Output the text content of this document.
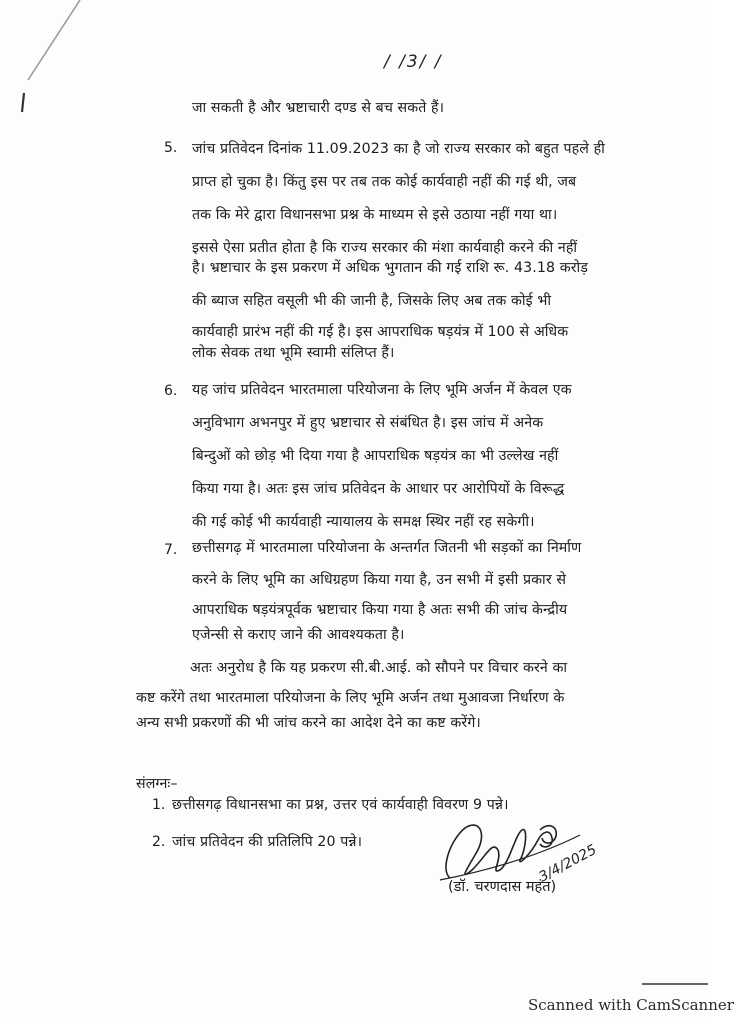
/ /3/ /
जा सकती है और भ्रष्टाचारी दण्ड से बच सकते हैं।
5. जांच प्रतिवेदन दिनांक 11.09.2023 का है जो राज्य सरकार को बहुत पहले ही
प्राप्त हो चुका है। किंतु इस पर तब तक कोई कार्यवाही नहीं की गई थी, जब
तक कि मेरे द्वारा विधानसभा प्रश्न के माध्यम से इसे उठाया नहीं गया था।
इससे ऐसा प्रतीत होता है कि राज्य सरकार की मंशा कार्यवाही करने की नहीं
है। भ्रष्टाचार के इस प्रकरण में अधिक भुगतान की गई राशि रू. 43.18 करोड़
की ब्याज सहित वसूली भी की जानी है, जिसके लिए अब तक कोई भी
कार्यवाही प्रारंभ नहीं की गई है। इस आपराधिक षड़यंत्र में 100 से अधिक
लोक सेवक तथा भूमि स्वामी संलिप्त हैं।
6. यह जांच प्रतिवेदन भारतमाला परियोजना के लिए भूमि अर्जन में केवल एक
अनुविभाग अभनपुर में हुए भ्रष्टाचार से संबंधित है। इस जांच में अनेक
बिन्दुओं को छोड़ भी दिया गया है आपराधिक षड़यंत्र का भी उल्लेख नहीं
किया गया है। अतः इस जांच प्रतिवेदन के आधार पर आरोपियों के विरूद्ध
की गई कोई भी कार्यवाही न्यायालय के समक्ष स्थिर नहीं रह सकेगी।
7. छत्तीसगढ़ में भारतमाला परियोजना के अन्तर्गत जितनी भी सड़कों का निर्माण
करने के लिए भूमि का अधिग्रहण किया गया है, उन सभी में इसी प्रकार से
आपराधिक षड़यंत्रपूर्वक भ्रष्टाचार किया गया है अतः सभी की जांच केन्द्रीय
एजेन्सी से कराए जाने की आवश्यकता है।
अतः अनुरोध है कि यह प्रकरण सी.बी.आई. को सौपने पर विचार करने का
कष्ट करेंगे तथा भारतमाला परियोजना के लिए भूमि अर्जन तथा मुआवजा निर्धारण के
अन्य सभी प्रकरणों की भी जांच करने का आदेश देने का कष्ट करेंगे।
संलग्नः–
1. छत्तीसगढ़ विधानसभा का प्रश्न, उत्तर एवं कार्यवाही विवरण 9 पन्ने।
2. जांच प्रतिवेदन की प्रतिलिपि 20 पन्ने।	3/4/2025
(डॉ. चरणदास महंत)
Scanned with CamScanner
